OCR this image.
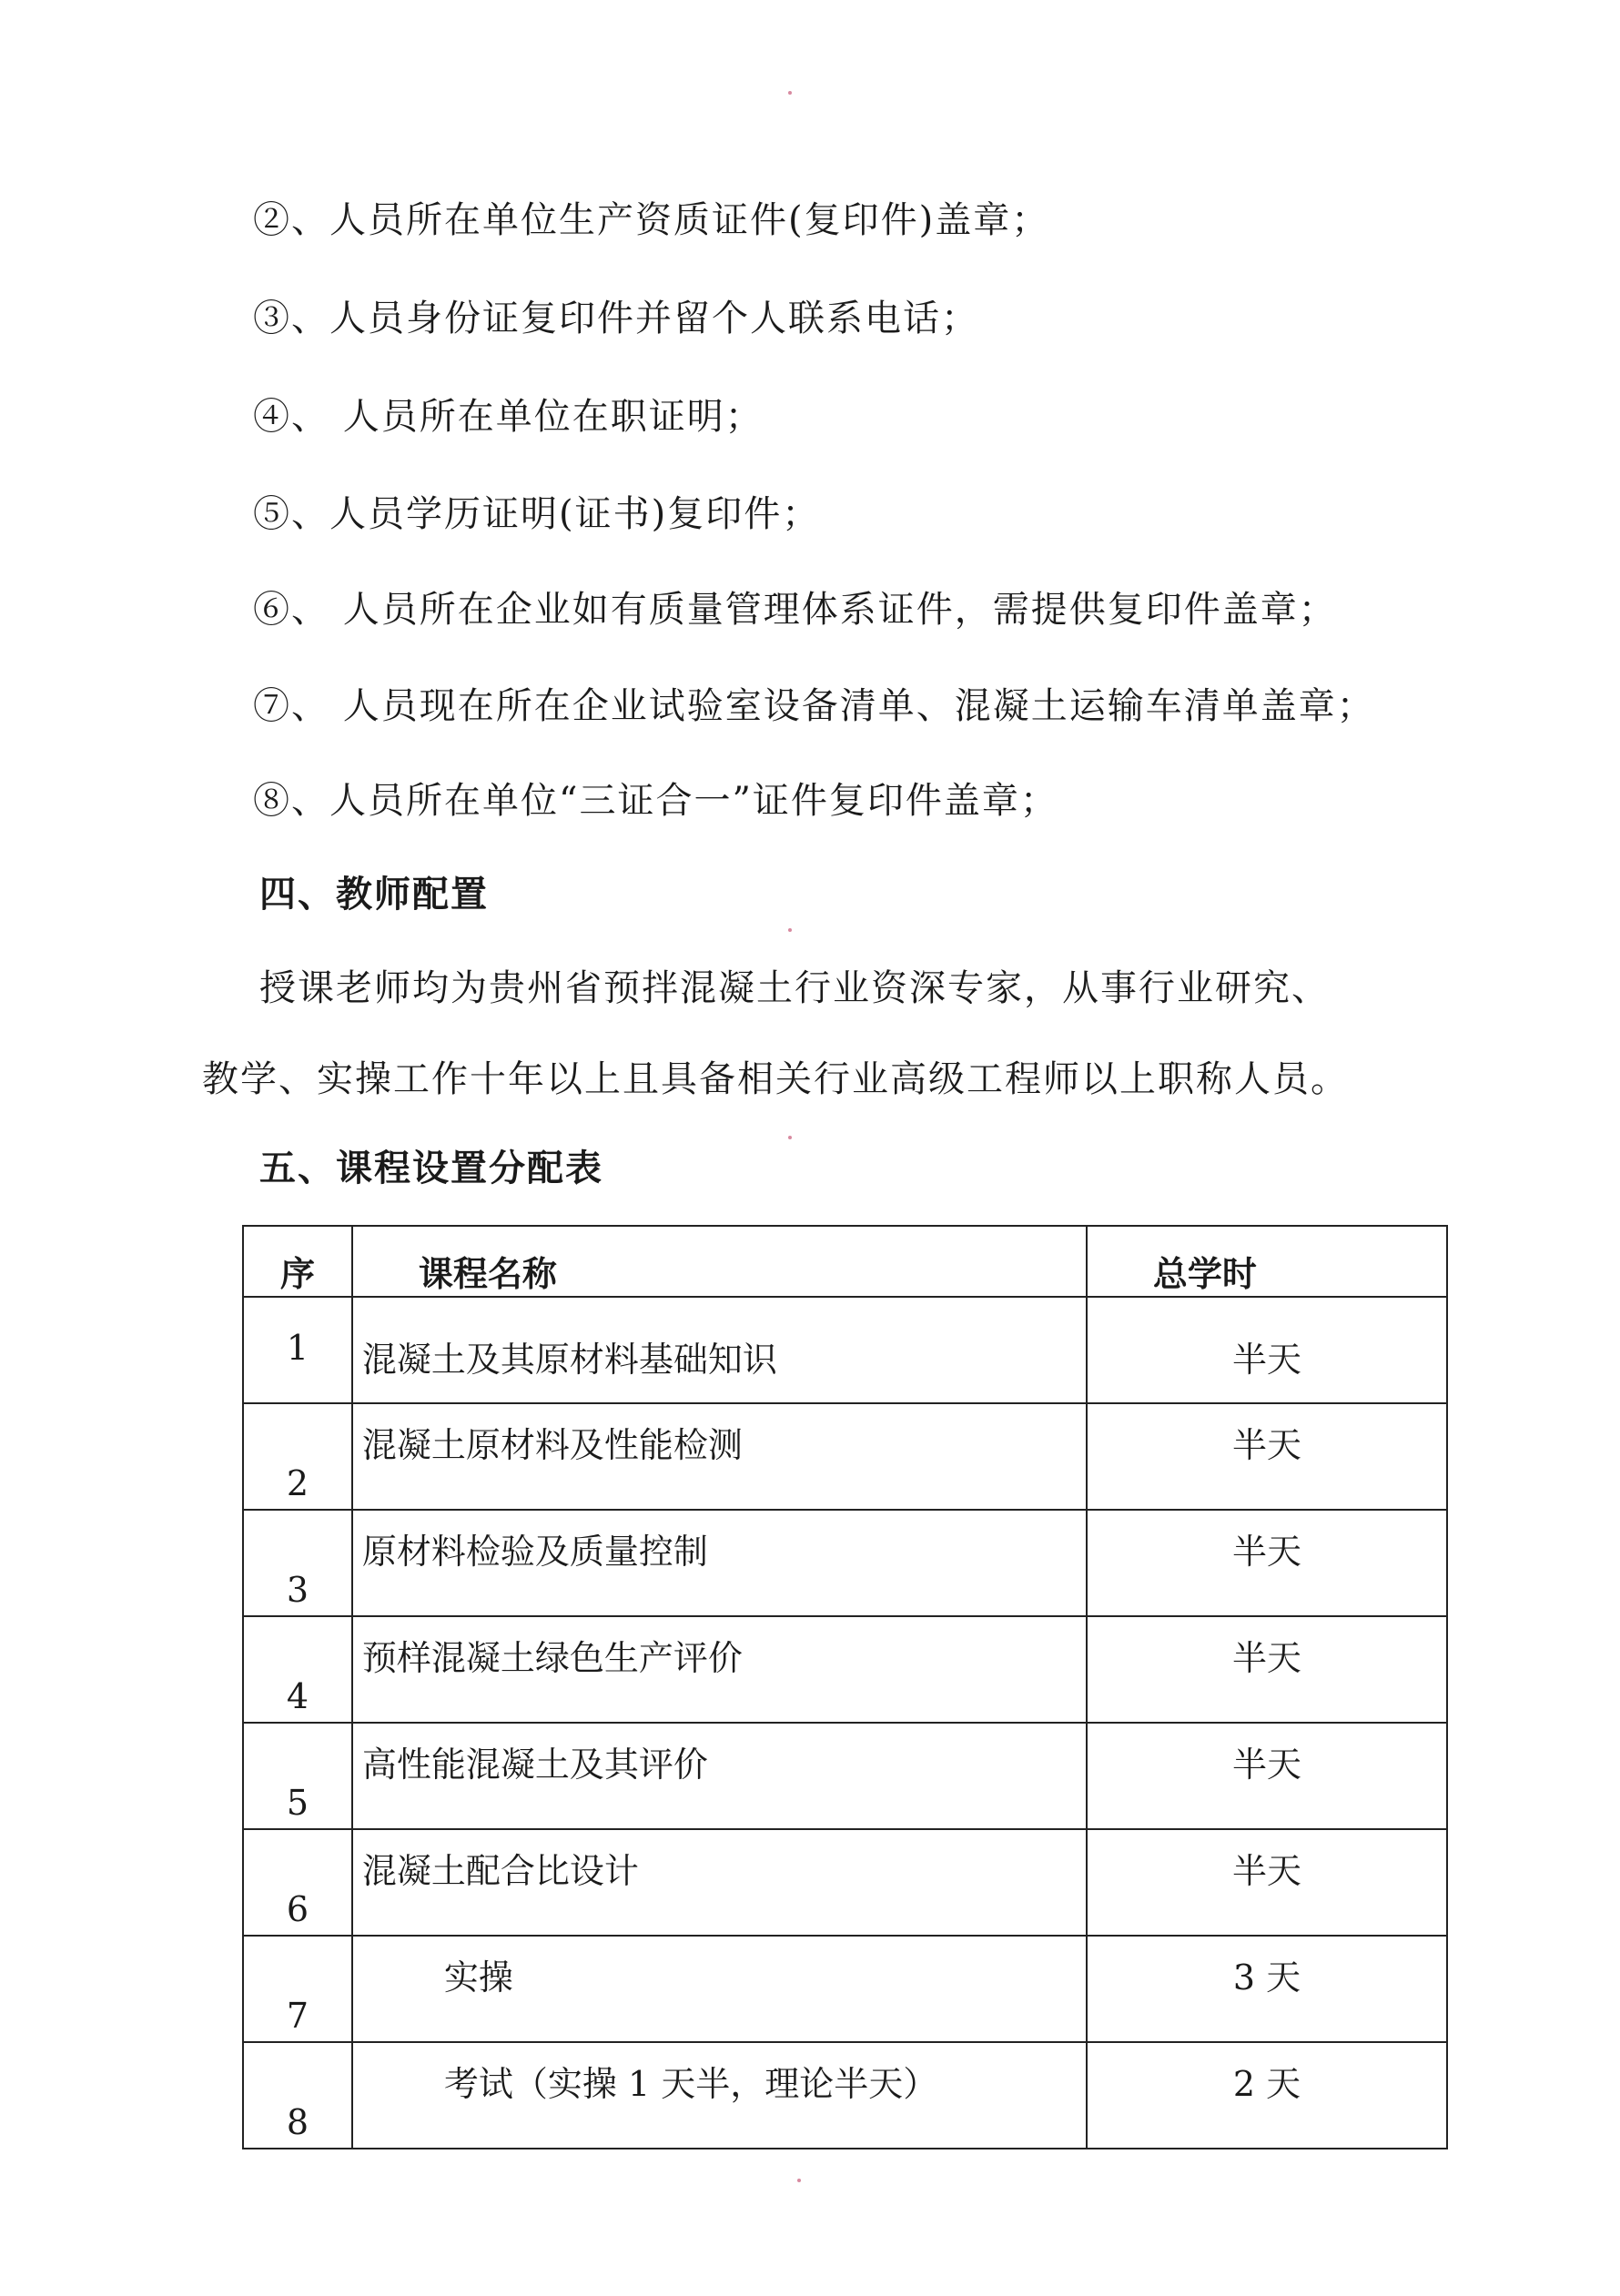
②、人员所在单位生产资质证件(复印件)盖章；
③、人员身份证复印件并留个人联系电话；
④、 人员所在单位在职证明；
⑤、人员学历证明(证书)复印件；
⑥、 人员所在企业如有质量管理体系证件，需提供复印件盖章；
⑦、 人员现在所在企业试验室设备清单、混凝土运输车清单盖章；
⑧、人员所在单位“三证合一”证件复印件盖章；
四、教师配置
授课老师均为贵州省预拌混凝土行业资深专家，从事行业研究、
教学、实操工作十年以上且具备相关行业高级工程师以上职称人员。
五、课程设置分配表
序	课程名称	总学时
1	混凝土及其原材料基础知识	半天
2	混凝土原材料及性能检测	半天
3	原材料检验及质量控制	半天
4	预样混凝土绿色生产评价	半天
5	高性能混凝土及其评价	半天
6	混凝土配合比设计	半天
7	实操	3 天
8	考试（实操 1 天半，理论半天）	2 天
